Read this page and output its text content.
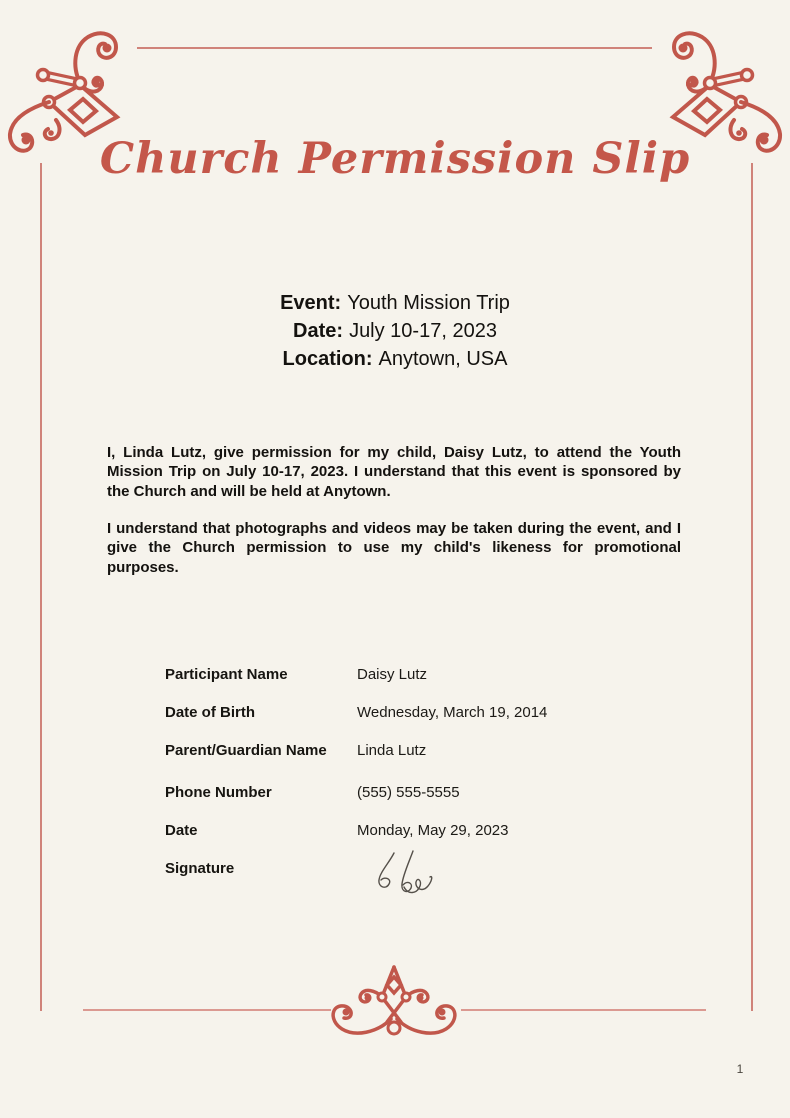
Church Permission Slip
Event: Youth Mission Trip
Date: July 10-17, 2023
Location: Anytown, USA

I, Linda Lutz, give permission for my child, Daisy Lutz, to attend the Youth Mission Trip on July 10-17, 2023. I understand that this event is sponsored by the Church and will be held at Anytown.

I understand that photographs and videos may be taken during the event, and I give the Church permission to use my child's likeness for promotional purposes.

Participant Name	Daisy Lutz
Date of Birth	Wednesday, March 19, 2014
Parent/Guardian Name	Linda Lutz
Phone Number	(555) 555-5555
Date	Monday, May 29, 2023
Signature
1
